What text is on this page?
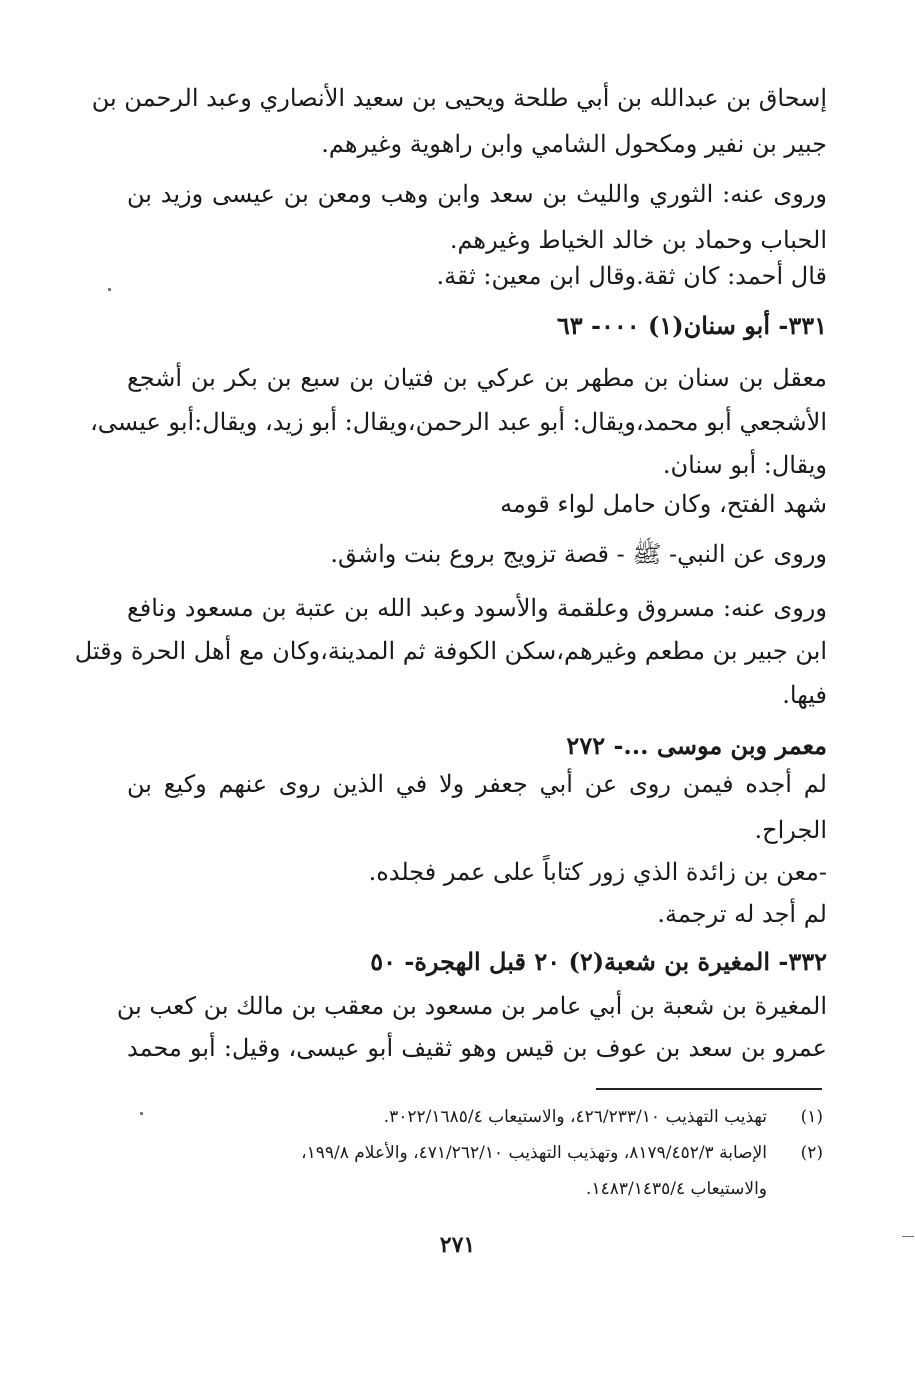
إسحاق بن عبدالله بن أبي طلحة ويحيى بن سعيد الأنصاري وعبد الرحمن بن
جبير بن نفير ومكحول الشامي وابن راهوية وغيرهم.
وروى عنه: الثوري والليث بن سعد وابن وهب ومعن بن عيسى وزيد بن
الحباب وحماد بن خالد الخياط وغيرهم.
قال أحمد: كان ثقة.وقال ابن معين: ثقة.
٣٣١- أبو سنان(١) ٠٠٠- ٦٣
معقل بن سنان بن مطهر بن عركي بن فتيان بن سبع بن بكر بن أشجع
الأشجعي أبو محمد،ويقال: أبو عبد الرحمن،ويقال: أبو زيد، ويقال:أبو عيسى،
ويقال: أبو سنان.
شهد الفتح، وكان حامل لواء قومه
وروى عن النبي- ﷺ - قصة تزويج بروع بنت واشق.
وروى عنه: مسروق وعلقمة والأسود وعبد الله بن عتبة بن مسعود ونافع
ابن جبير بن مطعم وغيرهم،سكن الكوفة ثم المدينة،وكان مع أهل الحرة وقتل
فيها.
معمر وبن موسى ...- ٢٧٢
لم أجده فيمن روى عن أبي جعفر ولا في الذين روى عنهم وكيع بن
الجراح.
-معن بن زائدة الذي زور كتاباً على عمر فجلده.
لم أجد له ترجمة.
٣٣٢- المغيرة بن شعبة(٢) ٢٠ قبل الهجرة- ٥٠
المغيرة بن شعبة بن أبي عامر بن مسعود بن معقب بن مالك بن كعب بن
عمرو بن سعد بن عوف بن قيس وهو ثقيف أبو عيسى، وقيل: أبو محمد
(١)
تهذيب التهذيب ٤٢٦/٢٣٣/١٠، والاستيعاب ٣٠٢٢/١٦٨٥/٤.
(٢)
الإصابة ٨١٧٩/٤٥٢/٣، وتهذيب التهذيب ٤٧١/٢٦٢/١٠، والأعلام ١٩٩/٨،
والاستيعاب ١٤٨٣/١٤٣٥/٤.
٢٧١
